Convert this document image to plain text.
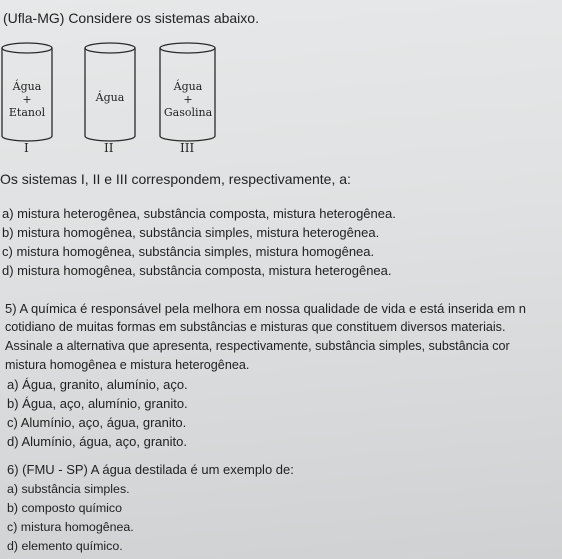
(Ufla-MG) Considere os sistemas abaixo.
Água
+
Etanol
I
Água
II
Água
+
Gasolina
III
Os sistemas I, II e III correspondem, respectivamente, a:
a) mistura heterogênea, substância composta, mistura heterogênea.
b) mistura homogênea, substância simples, mistura heterogênea.
c) mistura homogênea, substância simples, mistura homogênea.
d) mistura homogênea, substância composta, mistura heterogênea.
5) A química é responsável pela melhora em nossa qualidade de vida e está inserida em n
cotidiano de muitas formas em substâncias e misturas que constituem diversos materiais.
Assinale a alternativa que apresenta, respectivamente, substância simples, substância cor
mistura homogênea e mistura heterogênea.
a) Água, granito, alumínio, aço.
b) Água, aço, alumínio, granito.
c) Alumínio, aço, água, granito.
d) Alumínio, água, aço, granito.
6) (FMU - SP) A água destilada é um exemplo de:
a) substância simples.
b) composto químico
c) mistura homogênea.
d) elemento químico.
